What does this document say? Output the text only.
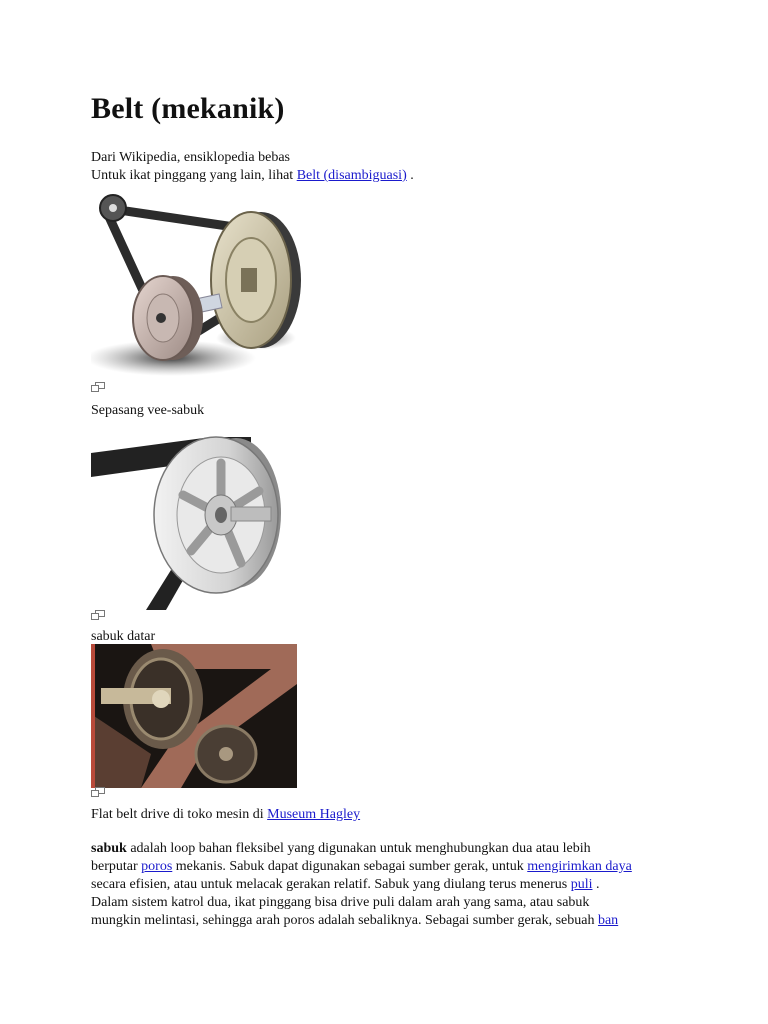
Belt (mekanik)
Dari Wikipedia, ensiklopedia bebas
Untuk ikat pinggang yang lain, lihat Belt (disambiguasi) .
Sepasang vee-sabuk
sabuk datar
Flat belt drive di toko mesin di Museum Hagley

sabuk adalah loop bahan fleksibel yang digunakan untuk menghubungkan dua atau lebih

berputar poros mekanis. Sabuk dapat digunakan sebagai sumber gerak, untuk mengirimkan daya

secara efisien, atau untuk melacak gerakan relatif. Sabuk yang diulang terus menerus puli .

Dalam sistem katrol dua, ikat pinggang bisa drive puli dalam arah yang sama, atau sabuk

mungkin melintasi, sehingga arah poros adalah sebaliknya. Sebagai sumber gerak, sebuah ban
